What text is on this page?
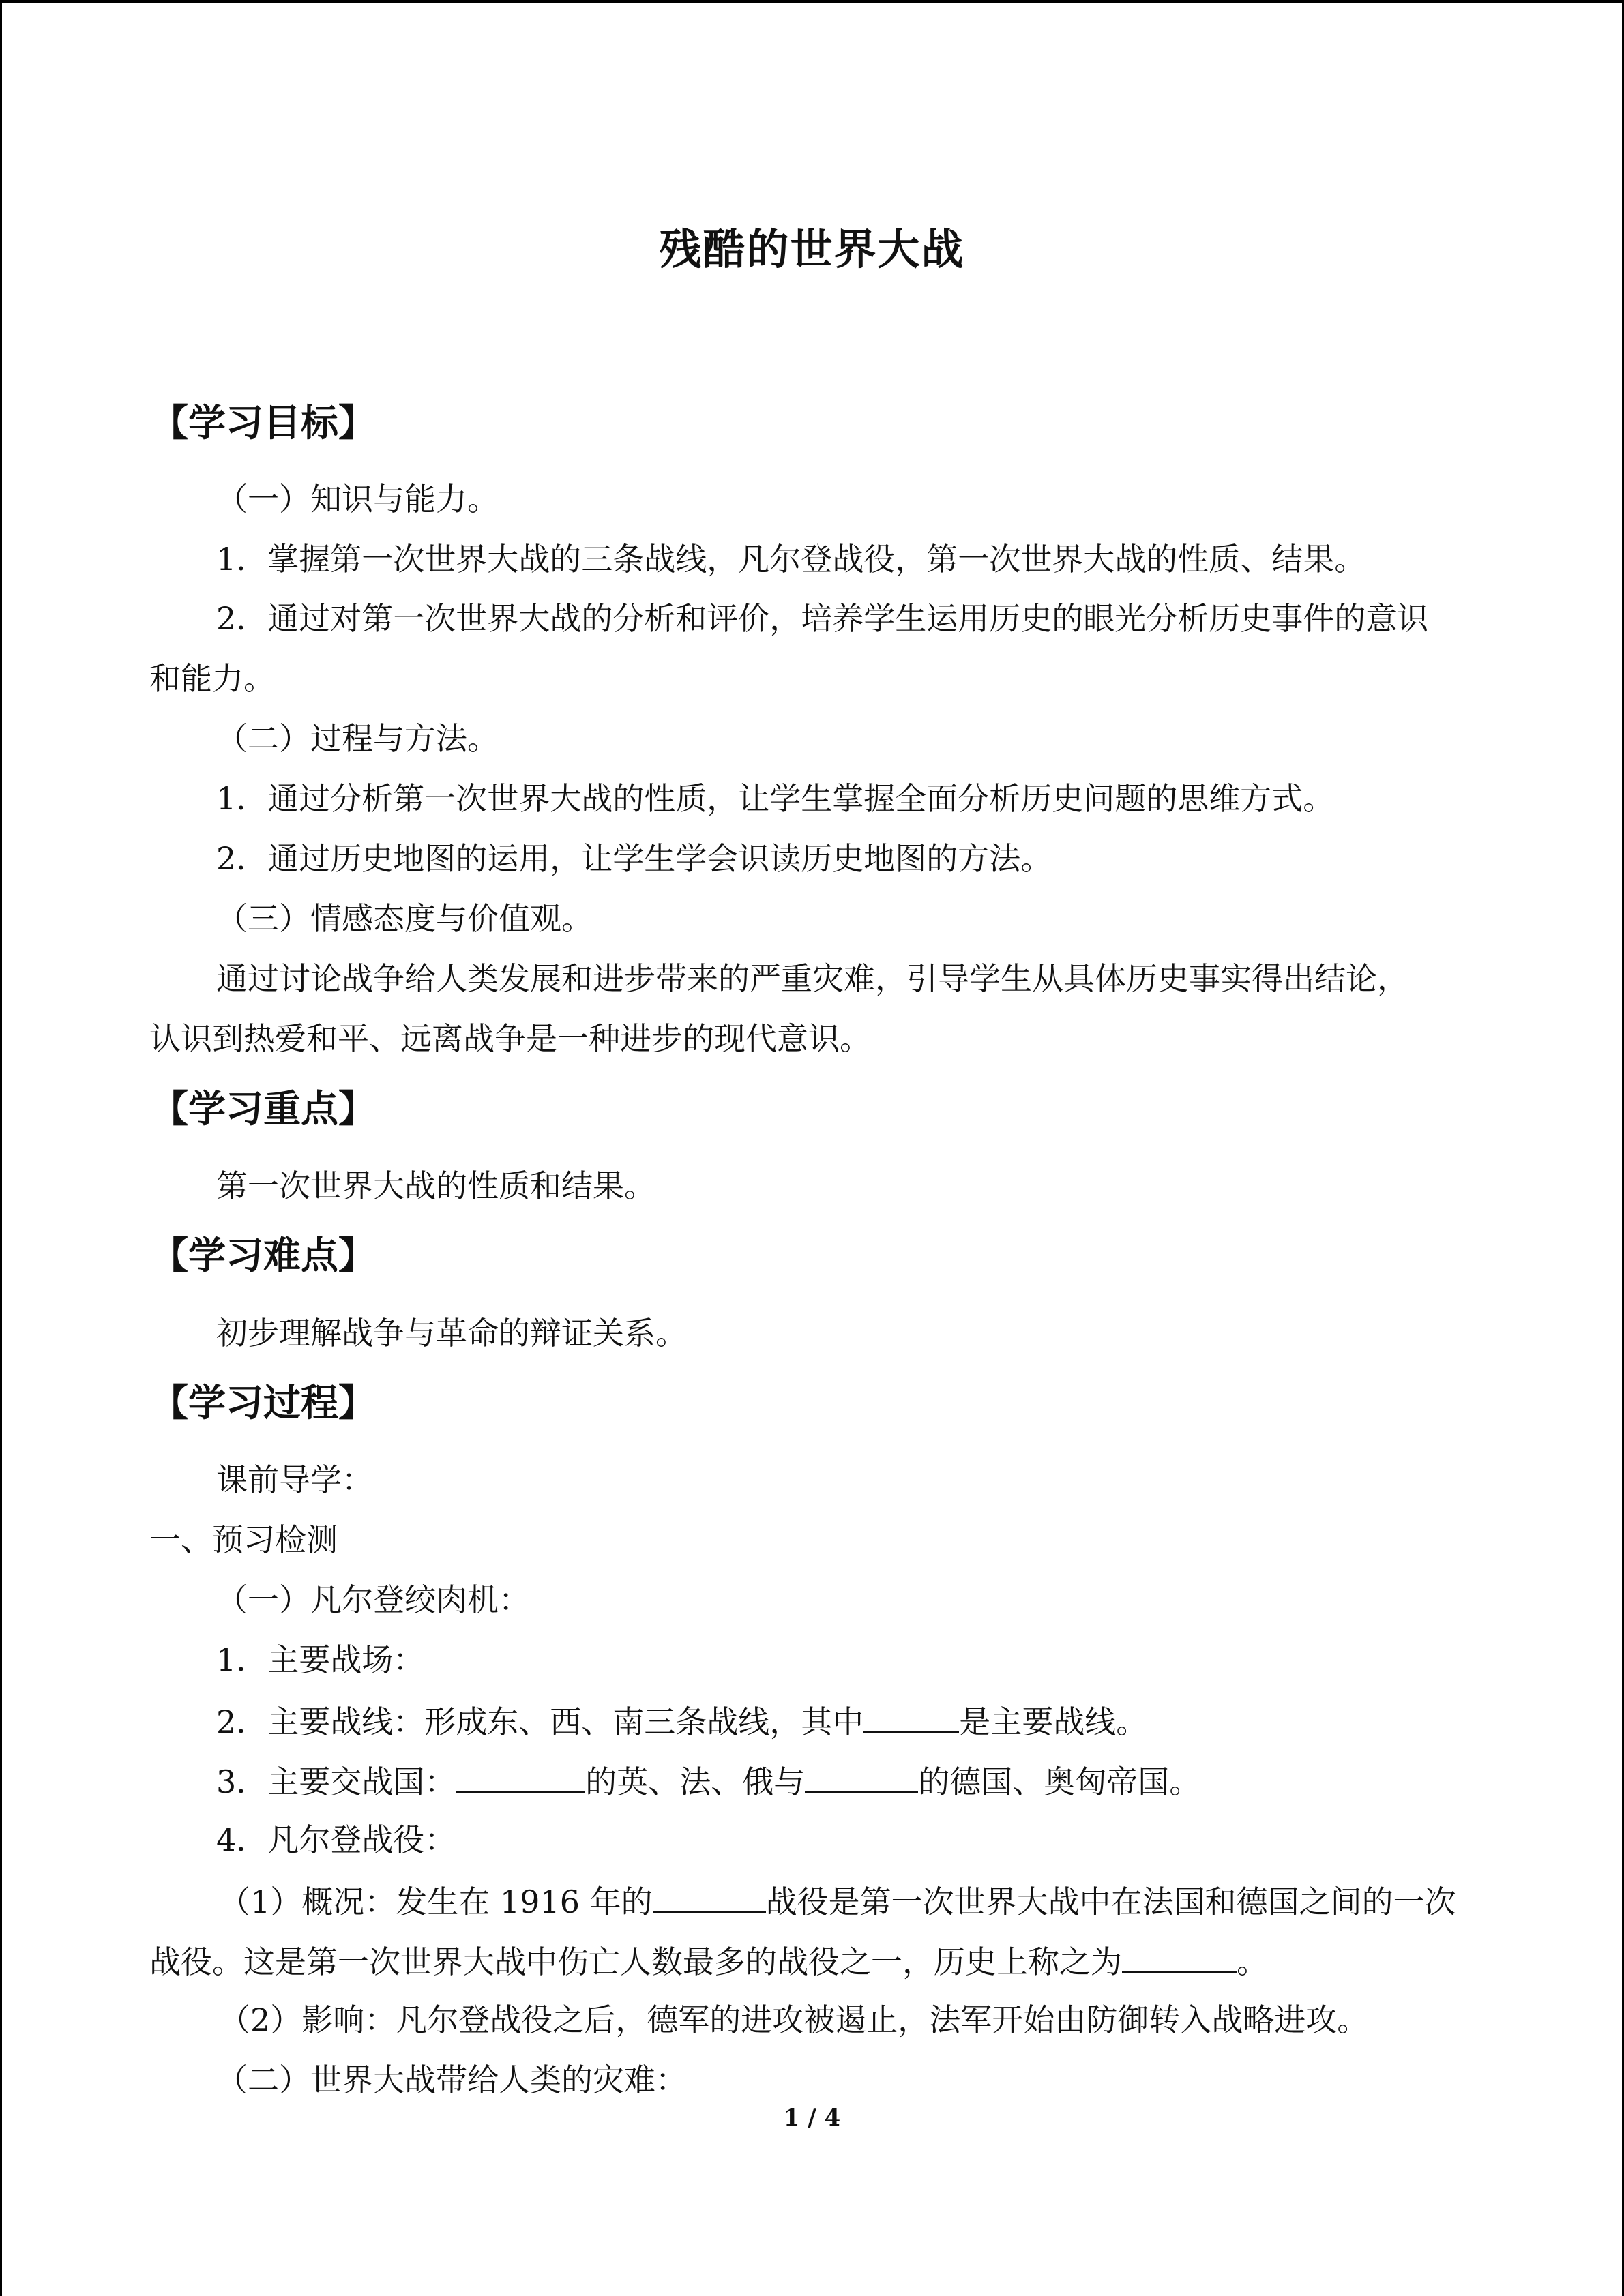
残酷的世界大战
【学习目标】
（一）知识与能力。
1．掌握第一次世界大战的三条战线，凡尔登战役，第一次世界大战的性质、结果。
2．通过对第一次世界大战的分析和评价，培养学生运用历史的眼光分析历史事件的意识
和能力。
（二）过程与方法。
1．通过分析第一次世界大战的性质，让学生掌握全面分析历史问题的思维方式。
2．通过历史地图的运用，让学生学会识读历史地图的方法。
（三）情感态度与价值观。
通过讨论战争给人类发展和进步带来的严重灾难，引导学生从具体历史事实得出结论，
认识到热爱和平、远离战争是一种进步的现代意识。
【学习重点】
第一次世界大战的性质和结果。
【学习难点】
初步理解战争与革命的辩证关系。
【学习过程】
课前导学：
一、预习检测
（一）凡尔登绞肉机：
1．主要战场：
2．主要战线：形成东、西、南三条战线，其中	是主要战线。
3．主要交战国：	的英、法、俄与	的德国、奥匈帝国。
4．凡尔登战役：
（1）概况：发生在 1916 年的	战役是第一次世界大战中在法国和德国之间的一次
战役。这是第一次世界大战中伤亡人数最多的战役之一，历史上称之为	。
（2）影响：凡尔登战役之后，德军的进攻被遏止，法军开始由防御转入战略进攻。
（二）世界大战带给人类的灾难：
1 / 4
